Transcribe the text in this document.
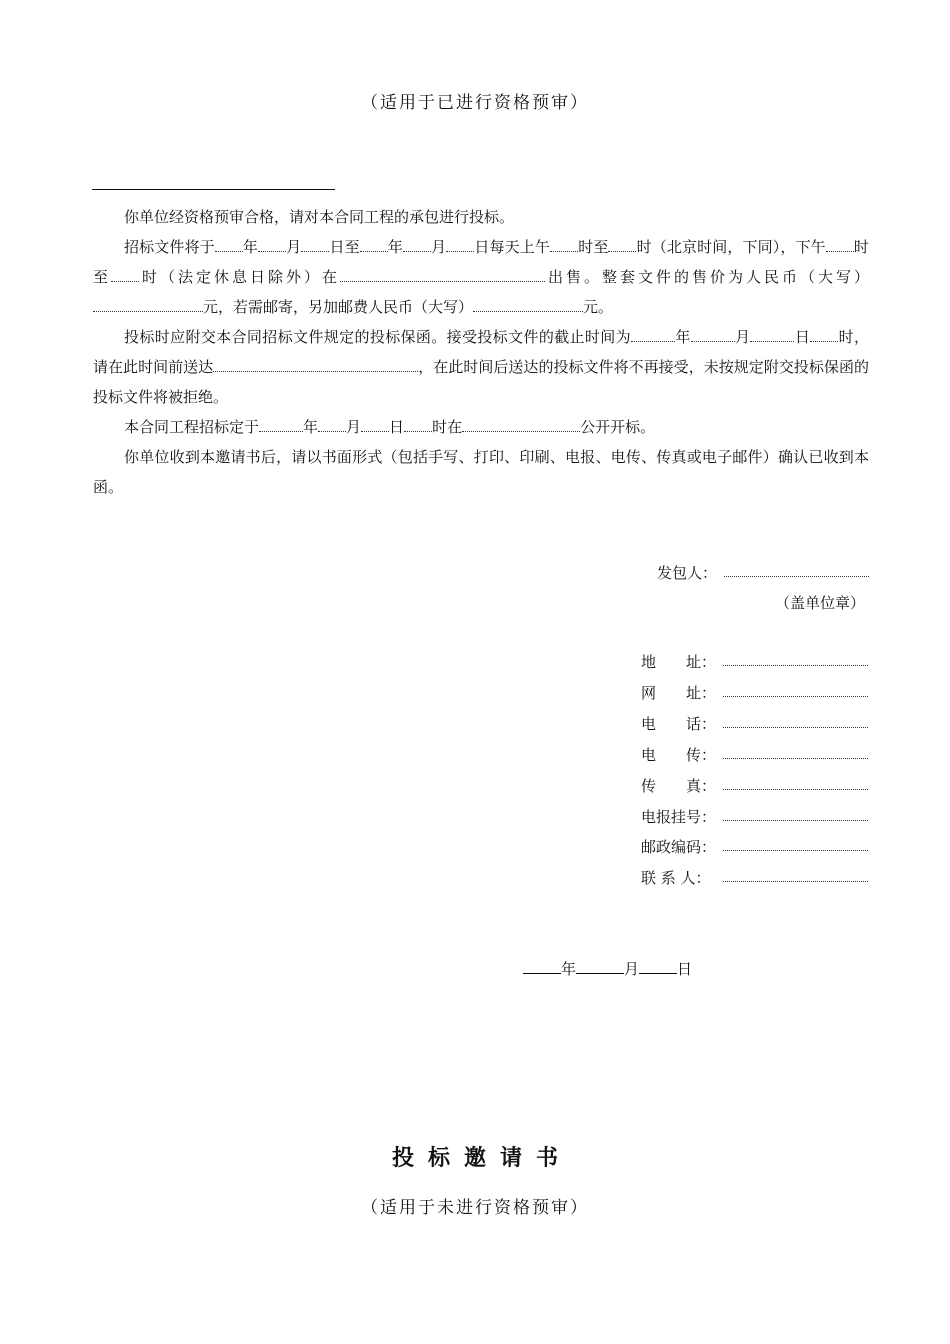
（适用于已进行资格预审）

你单位经资格预审合格，请对本合同工程的承包进行投标。

招标文件将于 年 月 日至 年 月 日每天上午 时至 时（北京时间，下同），下午 时至 时（法定休息日除外）在	出售。整套文件的售价为人民币（大写）元，若需邮寄，另加邮费人民币（大写）	元。

投标时应附交本合同招标文件规定的投标保函。接受投标文件的截止时间为	年	月	日 时，请在此时间前送达	，在此时间后送达的投标文件将不再接受，未按规定附交投标保函的投标文件将被拒绝。

本合同工程招标定于	年 月 日 时在	公开开标。

你单位收到本邀请书后，请以书面形式（包括手写、打印、印刷、电报、电传、传真或电子邮件）确认已收到本函。

发包人：
（盖单位章）
地　　址：
网　　址：
电　　话：
电　　传：
传　　真：
电报挂号：
邮政编码：
联 系 人：
年	月	日
投标邀请书
（适用于未进行资格预审）
